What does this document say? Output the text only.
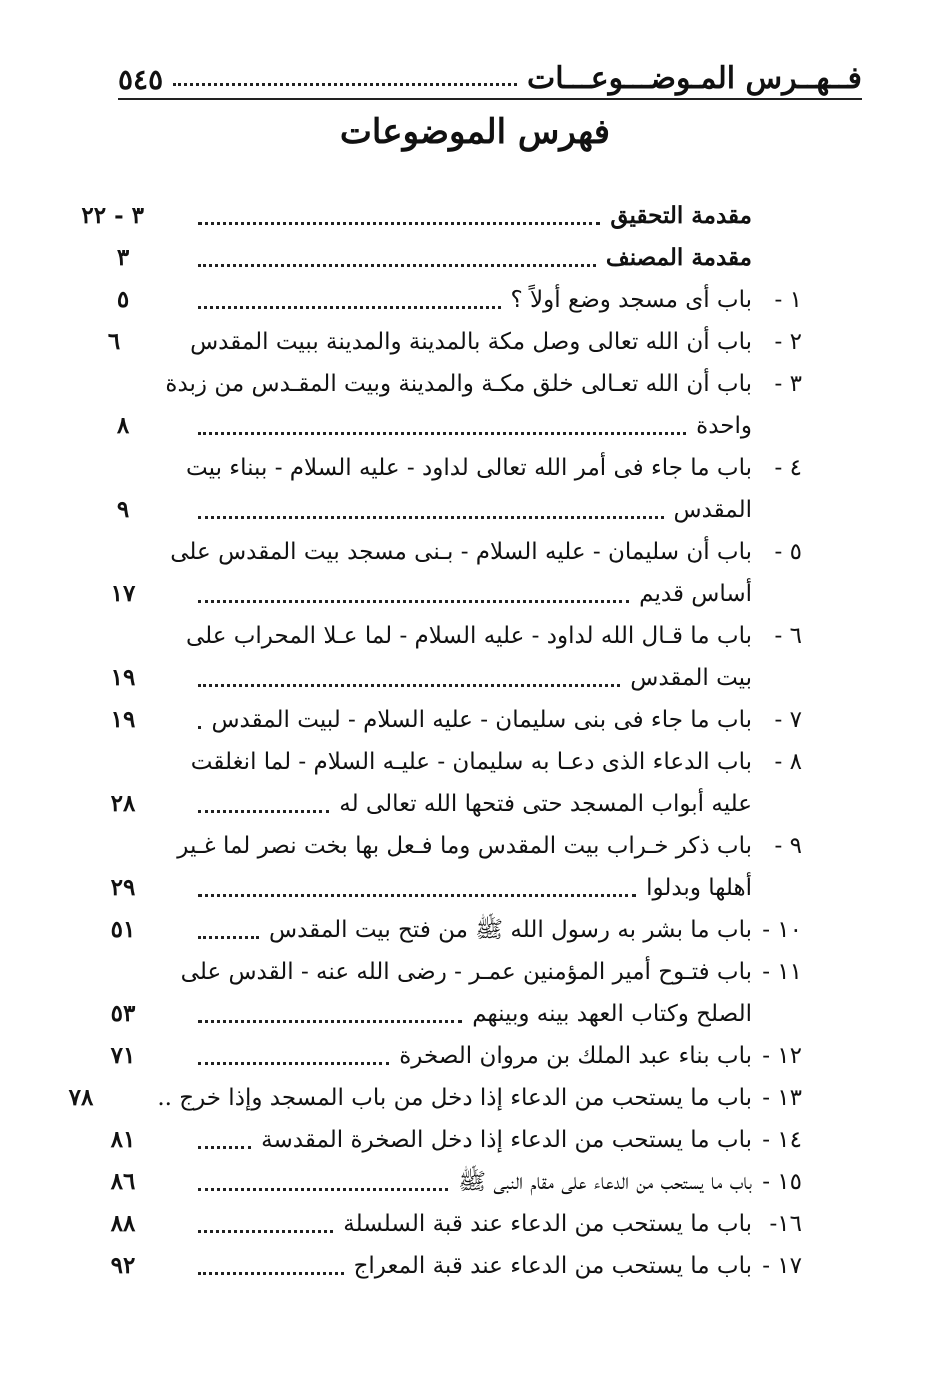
فــهــرس المـوضـــوعـــات
٥٤٥
فهرس الموضوعات
مقدمة التحقيق
٣ - ٢٢
مقدمة المصنف
٣
١ -
باب أى مسجد وضع أولاً ؟
٥
٢ -
باب أن الله تعالى وصل مكة بالمدينة والمدينة ببيت المقدس
٦
٣ -
باب أن الله تعـالى خلق مكـة والمدينة وبيت المقـدس من زبدة
واحدة
٨
٤ -
باب ما جاء فى أمر الله تعالى لداود - عليه السلام - ببناء بيت
المقدس
٩
٥ -
باب أن سليمان - عليه السلام - بـنى مسجد بيت المقدس على
أساس قديم
١٧
٦ -
باب ما قـال الله لداود - عليه السلام - لما عـلا المحراب على
بيت المقدس
١٩
٧ -
باب ما جاء فى بنى سليمان - عليه السلام - لبيت المقدس
١٩
٨ -
باب الدعاء الذى دعـا به سليمان - عليـه السلام - لما انغلقت
عليه أبواب المسجد حتى فتحها الله تعالى له
٢٨
٩ -
باب ذكر خـراب بيت المقدس وما فـعل بها بخت نصر لما غـير
أهلها وبدلوا
٢٩
١٠ -
باب ما بشر به رسول الله ﷺ من فتح بيت المقدس
٥١
١١ -
باب فتـوح أمير المؤمنين عمـر - رضى الله عنه - القدس على
الصلح وكتاب العهد بينه وبينهم
٥٣
١٢ -
باب بناء عبد الملك بن مروان الصخرة
٧١
١٣ -
باب ما يستحب من الدعاء إذا دخل من باب المسجد وإذا خرج ..
٧٨
١٤ -
باب ما يستحب من الدعاء إذا دخل الصخرة المقدسة
٨١
١٥ -
باب ما يستحب من الدعاء على مقام النبى ﷺ
٨٦
١٦-
باب ما يستحب من الدعاء عند قبة السلسلة
٨٨
١٧ -
باب ما يستحب من الدعاء عند قبة المعراج
٩٢
